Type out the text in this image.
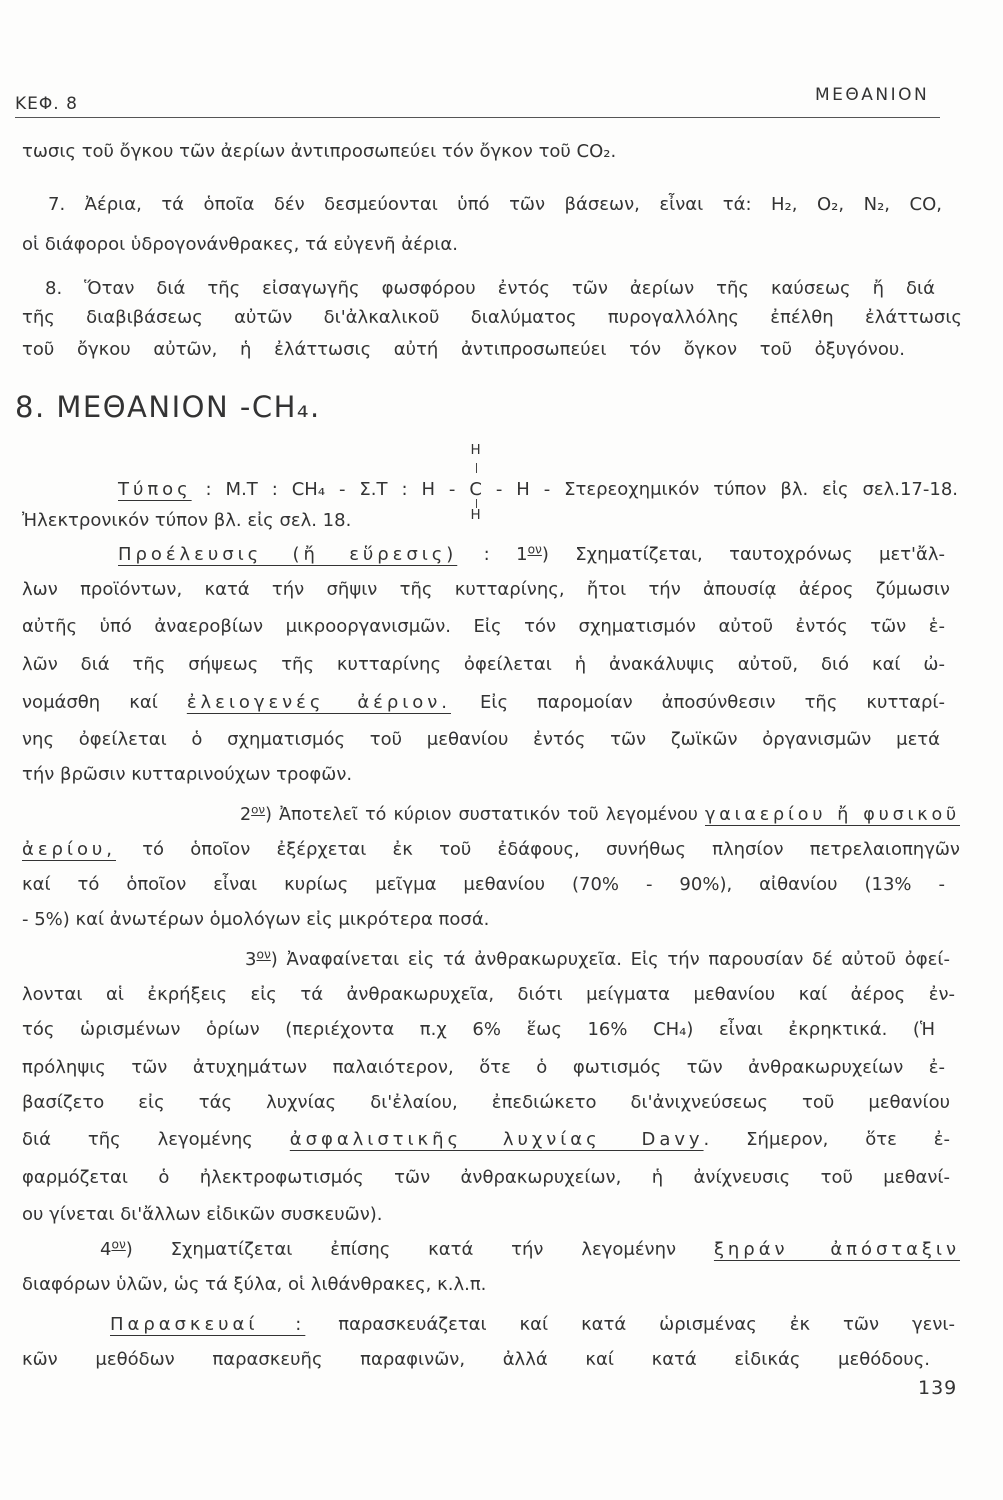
ΚΕΦ. 8	ΜΕΘΑΝΙΟΝ
τωσις τοῦ ὄγκου τῶν ἀερίων ἀντιπροσωπεύει τόν ὄγκον τοῦ CO₂.
7. Ἀέρια, τά ὁποῖα δέν δεσμεύονται ὑπό τῶν βάσεων, εἶναι τά: H₂, O₂, N₂, CO,
οἱ διάφοροι ὑδρογονάνθρακες, τά εὐγενῆ ἀέρια.
8. Ὅταν διά τῆς εἰσαγωγῆς φωσφόρου ἐντός τῶν ἀερίων τῆς καύσεως ἤ διά
τῆς διαβιβάσεως αὐτῶν δι'ἀλκαλικοῦ διαλύματος πυρογαλλόλης ἐπέλθη ἐλάττωσις
τοῦ ὄγκου αὐτῶν, ἡ ἐλάττωσις αὐτή ἀντιπροσωπεύει τόν ὄγκον τοῦ ὀξυγόνου.
8. ΜΕΘΑΝΙΟΝ -CH₄.
Τύπος : Μ.Τ : CH₄ - Σ.Τ : H -
H
C
H
- H - Στερεοχημικόν τύπον βλ. εἰς σελ.17-18.
Ἠλεκτρονικόν τύπον βλ. εἰς σελ. 18.
Προέλευσις (ἤ εὕρεσις) : $1^{o\nu}$) Σχηματίζεται, ταυτοχρόνως μετ'ἄλ-
λων προϊόντων, κατά τήν σῆψιν τῆς κυτταρίνης, ἤτοι τήν ἀπουσίᾳ ἀέρος ζύμωσιν
αὐτῆς ὑπό ἀναεροβίων μικροοργανισμῶν. Εἰς τόν σχηματισμόν αὐτοῦ ἐντός τῶν ἑ-
λῶν διά τῆς σήψεως τῆς κυτταρίνης ὀφείλεται ἡ ἀνακάλυψις αὐτοῦ, διό καί ὠ-
νομάσθη καί ἐλειογενές ἀέριον. Εἰς παρομοίαν ἀποσύνθεσιν τῆς κυτταρί-
νης ὀφείλεται ὁ σχηματισμός τοῦ μεθανίου ἐντός τῶν ζωϊκῶν ὀργανισμῶν μετά
τήν βρῶσιν κυτταρινούχων τροφῶν.
$2^{o\nu}$) Ἀποτελεῖ τό κύριον συστατικόν τοῦ λεγομένου γαιαερίου ἤ φυσικοῦ
ἀερίου, τό ὁποῖον ἐξέρχεται ἐκ τοῦ ἐδάφους, συνήθως πλησίον πετρελαιοπηγῶν
καί τό ὁποῖον εἶναι κυρίως μεῖγμα μεθανίου (70% - 90%), αἰθανίου (13% -
- 5%) καί ἀνωτέρων ὁμολόγων εἰς μικρότερα ποσά.
$3^{o\nu}$) Ἀναφαίνεται εἰς τά ἀνθρακωρυχεῖα. Εἰς τήν παρουσίαν δέ αὐτοῦ ὀφεί-
λονται αἱ ἐκρήξεις εἰς τά ἀνθρακωρυχεῖα, διότι μείγματα μεθανίου καί ἀέρος ἐν-
τός ὡρισμένων ὁρίων (περιέχοντα π.χ 6% ἕως 16% CH₄) εἶναι ἐκρηκτικά. (Ἡ
πρόληψις τῶν ἀτυχημάτων παλαιότερον, ὅτε ὁ φωτισμός τῶν ἀνθρακωρυχείων ἐ-
βασίζετο εἰς τάς λυχνίας δι'ἐλαίου, ἐπεδιώκετο δι'ἀνιχνεύσεως τοῦ μεθανίου
διά τῆς λεγομένης ἀσφαλιστικῆς λυχνίας Davy. Σήμερον, ὅτε ἐ-
φαρμόζεται ὁ ἠλεκτροφωτισμός τῶν ἀνθρακωρυχείων, ἡ ἀνίχνευσις τοῦ μεθανί-
ου γίνεται δι'ἄλλων εἰδικῶν συσκευῶν).
$4^{o\nu}$) Σχηματίζεται ἐπίσης κατά τήν λεγομένην ξηράν ἀπόσταξιν
διαφόρων ὑλῶν, ὡς τά ξύλα, οἱ λιθάνθρακες, κ.λ.π.
Παρασκευαί : παρασκευάζεται καί κατά ὡρισμένας ἐκ τῶν γενι-
κῶν μεθόδων παρασκευῆς παραφινῶν, ἀλλά καί κατά εἰδικάς μεθόδους.
139
